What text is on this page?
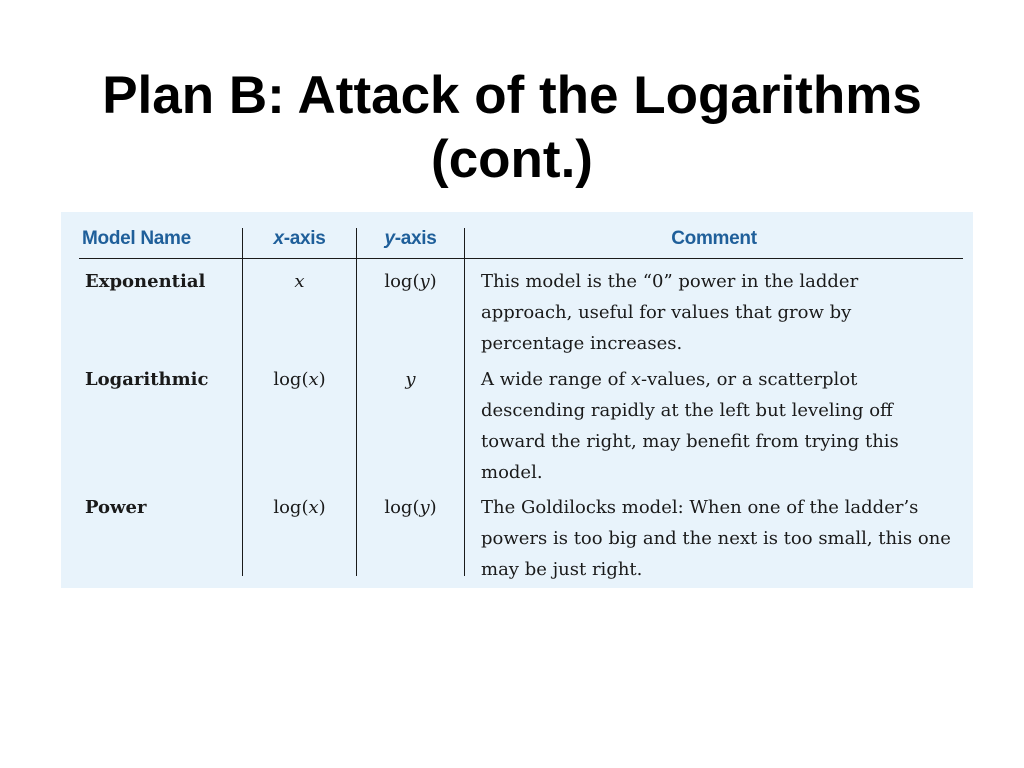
Plan B: Attack of the Logarithms
(cont.)
Model Name	x-axis	y-axis	Comment
Exponential	x	log(y)	This model is the “0” power in the ladder approach, useful for values that grow by percentage increases.
Logarithmic	log(x)	y	A wide range of x-values, or a scatterplot descending rapidly at the left but leveling off toward the right, may benefit from trying this model.
Power	log(x)	log(y)	The Goldilocks model: When one of the ladder’s powers is too big and the next is too small, this one may be just right.
